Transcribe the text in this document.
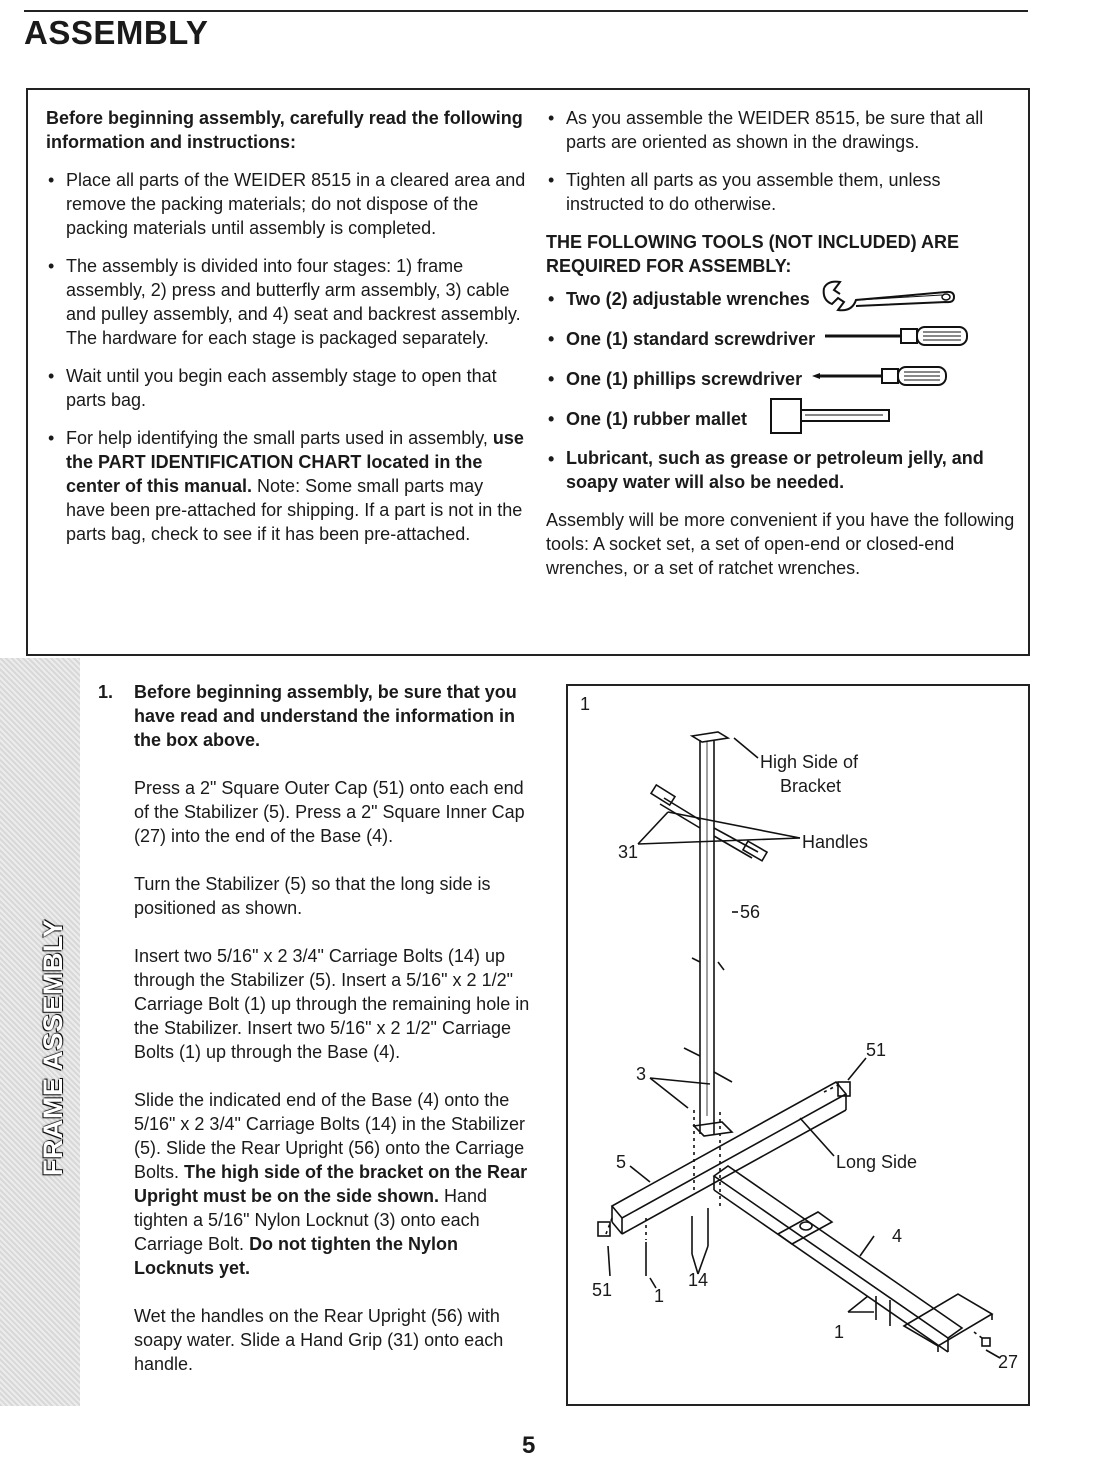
ASSEMBLY

Before beginning assembly, carefully read the following information and instructions:

• Place all parts of the WEIDER 8515 in a cleared area and remove the packing materials; do not dispose of the packing materials until assembly is completed.
• The assembly is divided into four stages: 1) frame assembly, 2) press and butterfly arm assembly, 3) cable and pulley assembly, and 4) seat and backrest assembly. The hardware for each stage is packaged separately.
• Wait until you begin each assembly stage to open that parts bag.
• For help identifying the small parts used in assembly, use the PART IDENTIFICATION CHART located in the center of this manual. Note: Some small parts may have been pre-attached for shipping. If a part is not in the parts bag, check to see if it has been pre-attached.
• As you assemble the WEIDER 8515, be sure that all parts are oriented as shown in the drawings.
• Tighten all parts as you assemble them, unless instructed to do otherwise.

THE FOLLOWING TOOLS (NOT INCLUDED) ARE REQUIRED FOR ASSEMBLY:

• Two (2) adjustable wrenches
• One (1) standard screwdriver
• One (1) phillips screwdriver
• One (1) rubber mallet
• Lubricant, such as grease or petroleum jelly, and soapy water will also be needed.

Assembly will be more convenient if you have the following tools: A socket set, a set of open-end or closed-end wrenches, or a set of ratchet wrenches.

FRAME ASSEMBLY
1. Before beginning assembly, be sure that you have read and understand the information in the box above.

Press a 2" Square Outer Cap (51) onto each end of the Stabilizer (5). Press a 2" Square Inner Cap (27) into the end of the Base (4).

Turn the Stabilizer (5) so that the long side is positioned as shown.

Insert two 5/16" x 2 3/4" Carriage Bolts (14) up through the Stabilizer (5). Insert a 5/16" x 2 1/2" Carriage Bolt (1) up through the remaining hole in the Stabilizer. Insert two 5/16" x 2 1/2" Carriage Bolts (1) up through the Base (4).

Slide the indicated end of the Base (4) onto the 5/16" x 2 3/4" Carriage Bolts (14) in the Stabilizer (5). Slide the Rear Upright (56) onto the Carriage Bolts. The high side of the bracket on the Rear Upright must be on the side shown. Hand tighten a 5/16" Nylon Locknut (3) onto each Carriage Bolt. Do not tighten the Nylon Locknuts yet.

Wet the handles on the Rear Upright (56) with soapy water. Slide a Hand Grip (31) onto each handle.

1
High Side of
Bracket
Handles
31
56
51
3
5	Long Side
4
51 1
14
1
27
5
